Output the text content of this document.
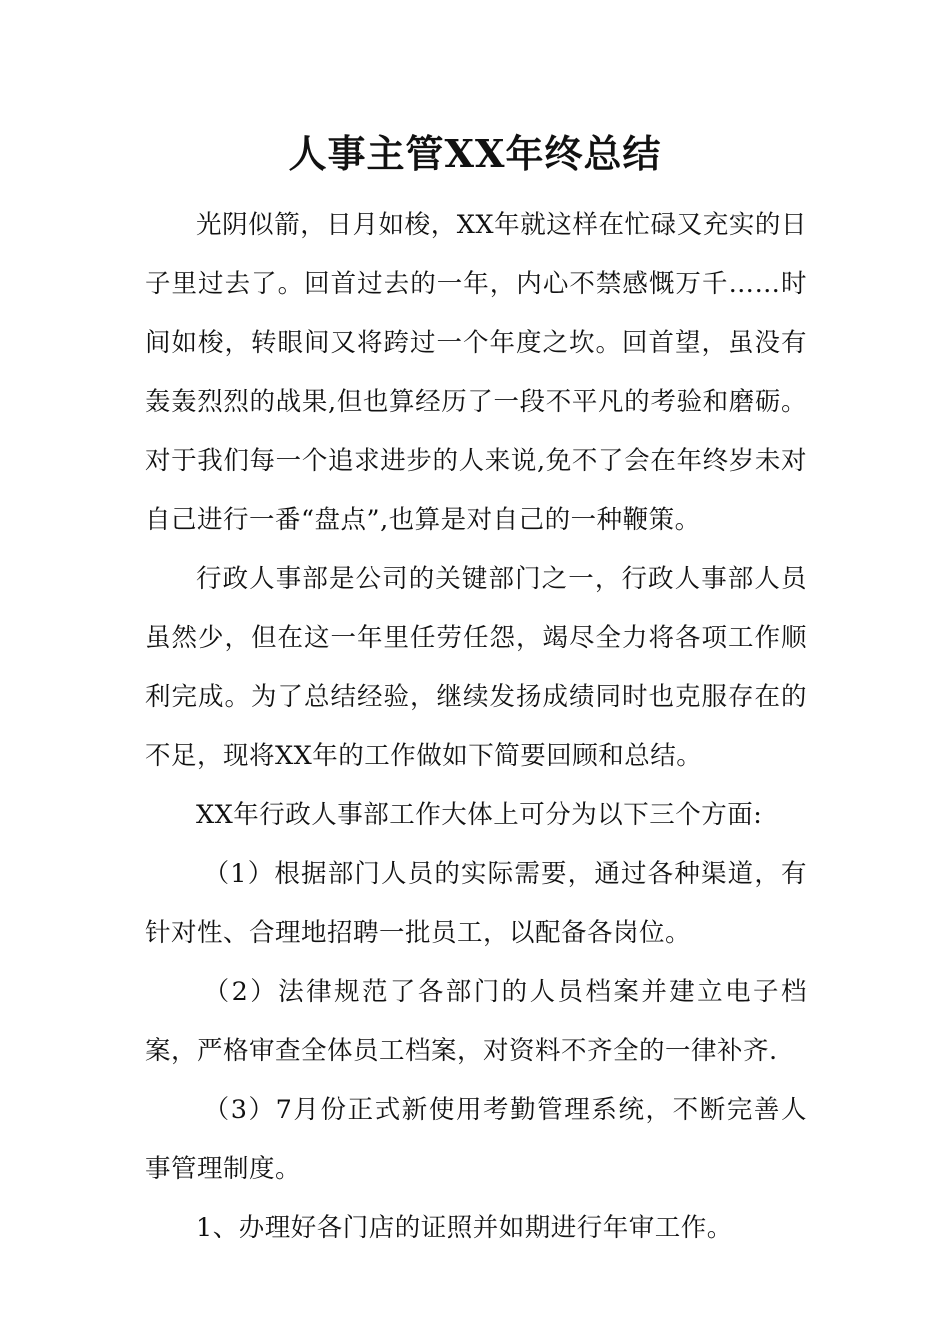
人事主管XX年终总结

光阴似箭，日月如梭，XX年就这样在忙碌又充实的日子里过去了。回首过去的一年，内心不禁感慨万千……时间如梭，转眼间又将跨过一个年度之坎。回首望，虽没有轰轰烈烈的战果,但也算经历了一段不平凡的考验和磨砺。对于我们每一个追求进步的人来说,免不了会在年终岁未对自己进行一番“盘点”,也算是对自己的一种鞭策。

行政人事部是公司的关键部门之一，行政人事部人员虽然少，但在这一年里任劳任怨，竭尽全力将各项工作顺利完成。为了总结经验，继续发扬成绩同时也克服存在的不足，现将XX年的工作做如下简要回顾和总结。

XX年行政人事部工作大体上可分为以下三个方面:

（1）根据部门人员的实际需要，通过各种渠道，有针对性、合理地招聘一批员工，以配备各岗位。

（2）法律规范了各部门的人员档案并建立电子档案，严格审查全体员工档案，对资料不齐全的一律补齐.

（3）7月份正式新使用考勤管理系统，不断完善人事管理制度。

1、办理好各门店的证照并如期进行年审工作。
